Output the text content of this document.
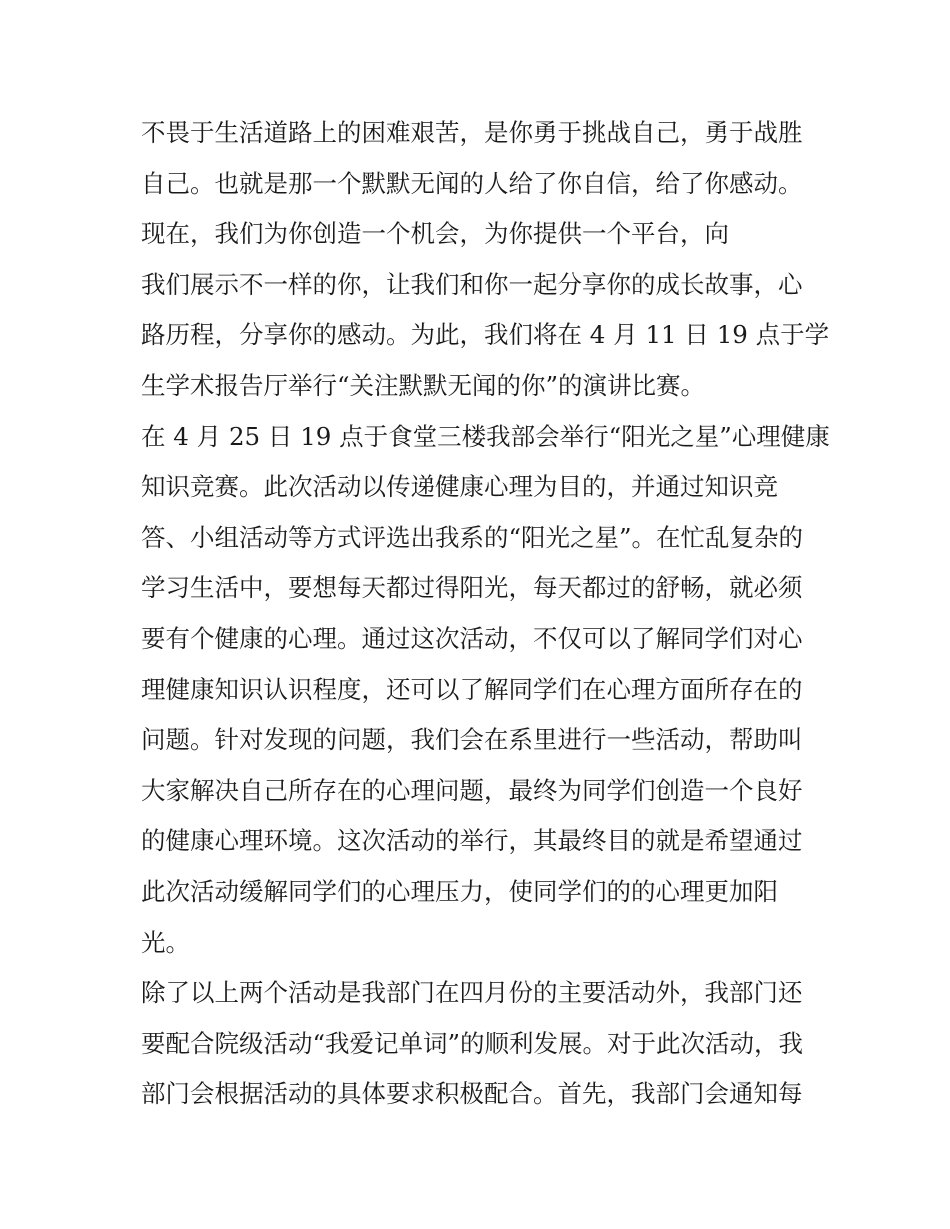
不畏于生活道路上的困难艰苦，是你勇于挑战自己，勇于战胜
自己。也就是那一个默默无闻的人给了你自信，给了你感动。
现在，我们为你创造一个机会，为你提供一个平台，向
我们展示不一样的你，让我们和你一起分享你的成长故事，心
路历程，分享你的感动。为此，我们将在 4 月 11 日 19 点于学
生学术报告厅举行“关注默默无闻的你”的演讲比赛。
在 4 月 25 日 19 点于食堂三楼我部会举行“阳光之星”心理健康
知识竞赛。此次活动以传递健康心理为目的，并通过知识竞
答、小组活动等方式评选出我系的“阳光之星”。在忙乱复杂的
学习生活中，要想每天都过得阳光，每天都过的舒畅，就必须
要有个健康的心理。通过这次活动，不仅可以了解同学们对心
理健康知识认识程度，还可以了解同学们在心理方面所存在的
问题。针对发现的问题，我们会在系里进行一些活动，帮助叫
大家解决自己所存在的心理问题，最终为同学们创造一个良好
的健康心理环境。这次活动的举行，其最终目的就是希望通过
此次活动缓解同学们的心理压力，使同学们的的心理更加阳
光。
除了以上两个活动是我部门在四月份的主要活动外，我部门还
要配合院级活动“我爱记单词”的顺利发展。对于此次活动，我
部门会根据活动的具体要求积极配合。首先，我部门会通知每
